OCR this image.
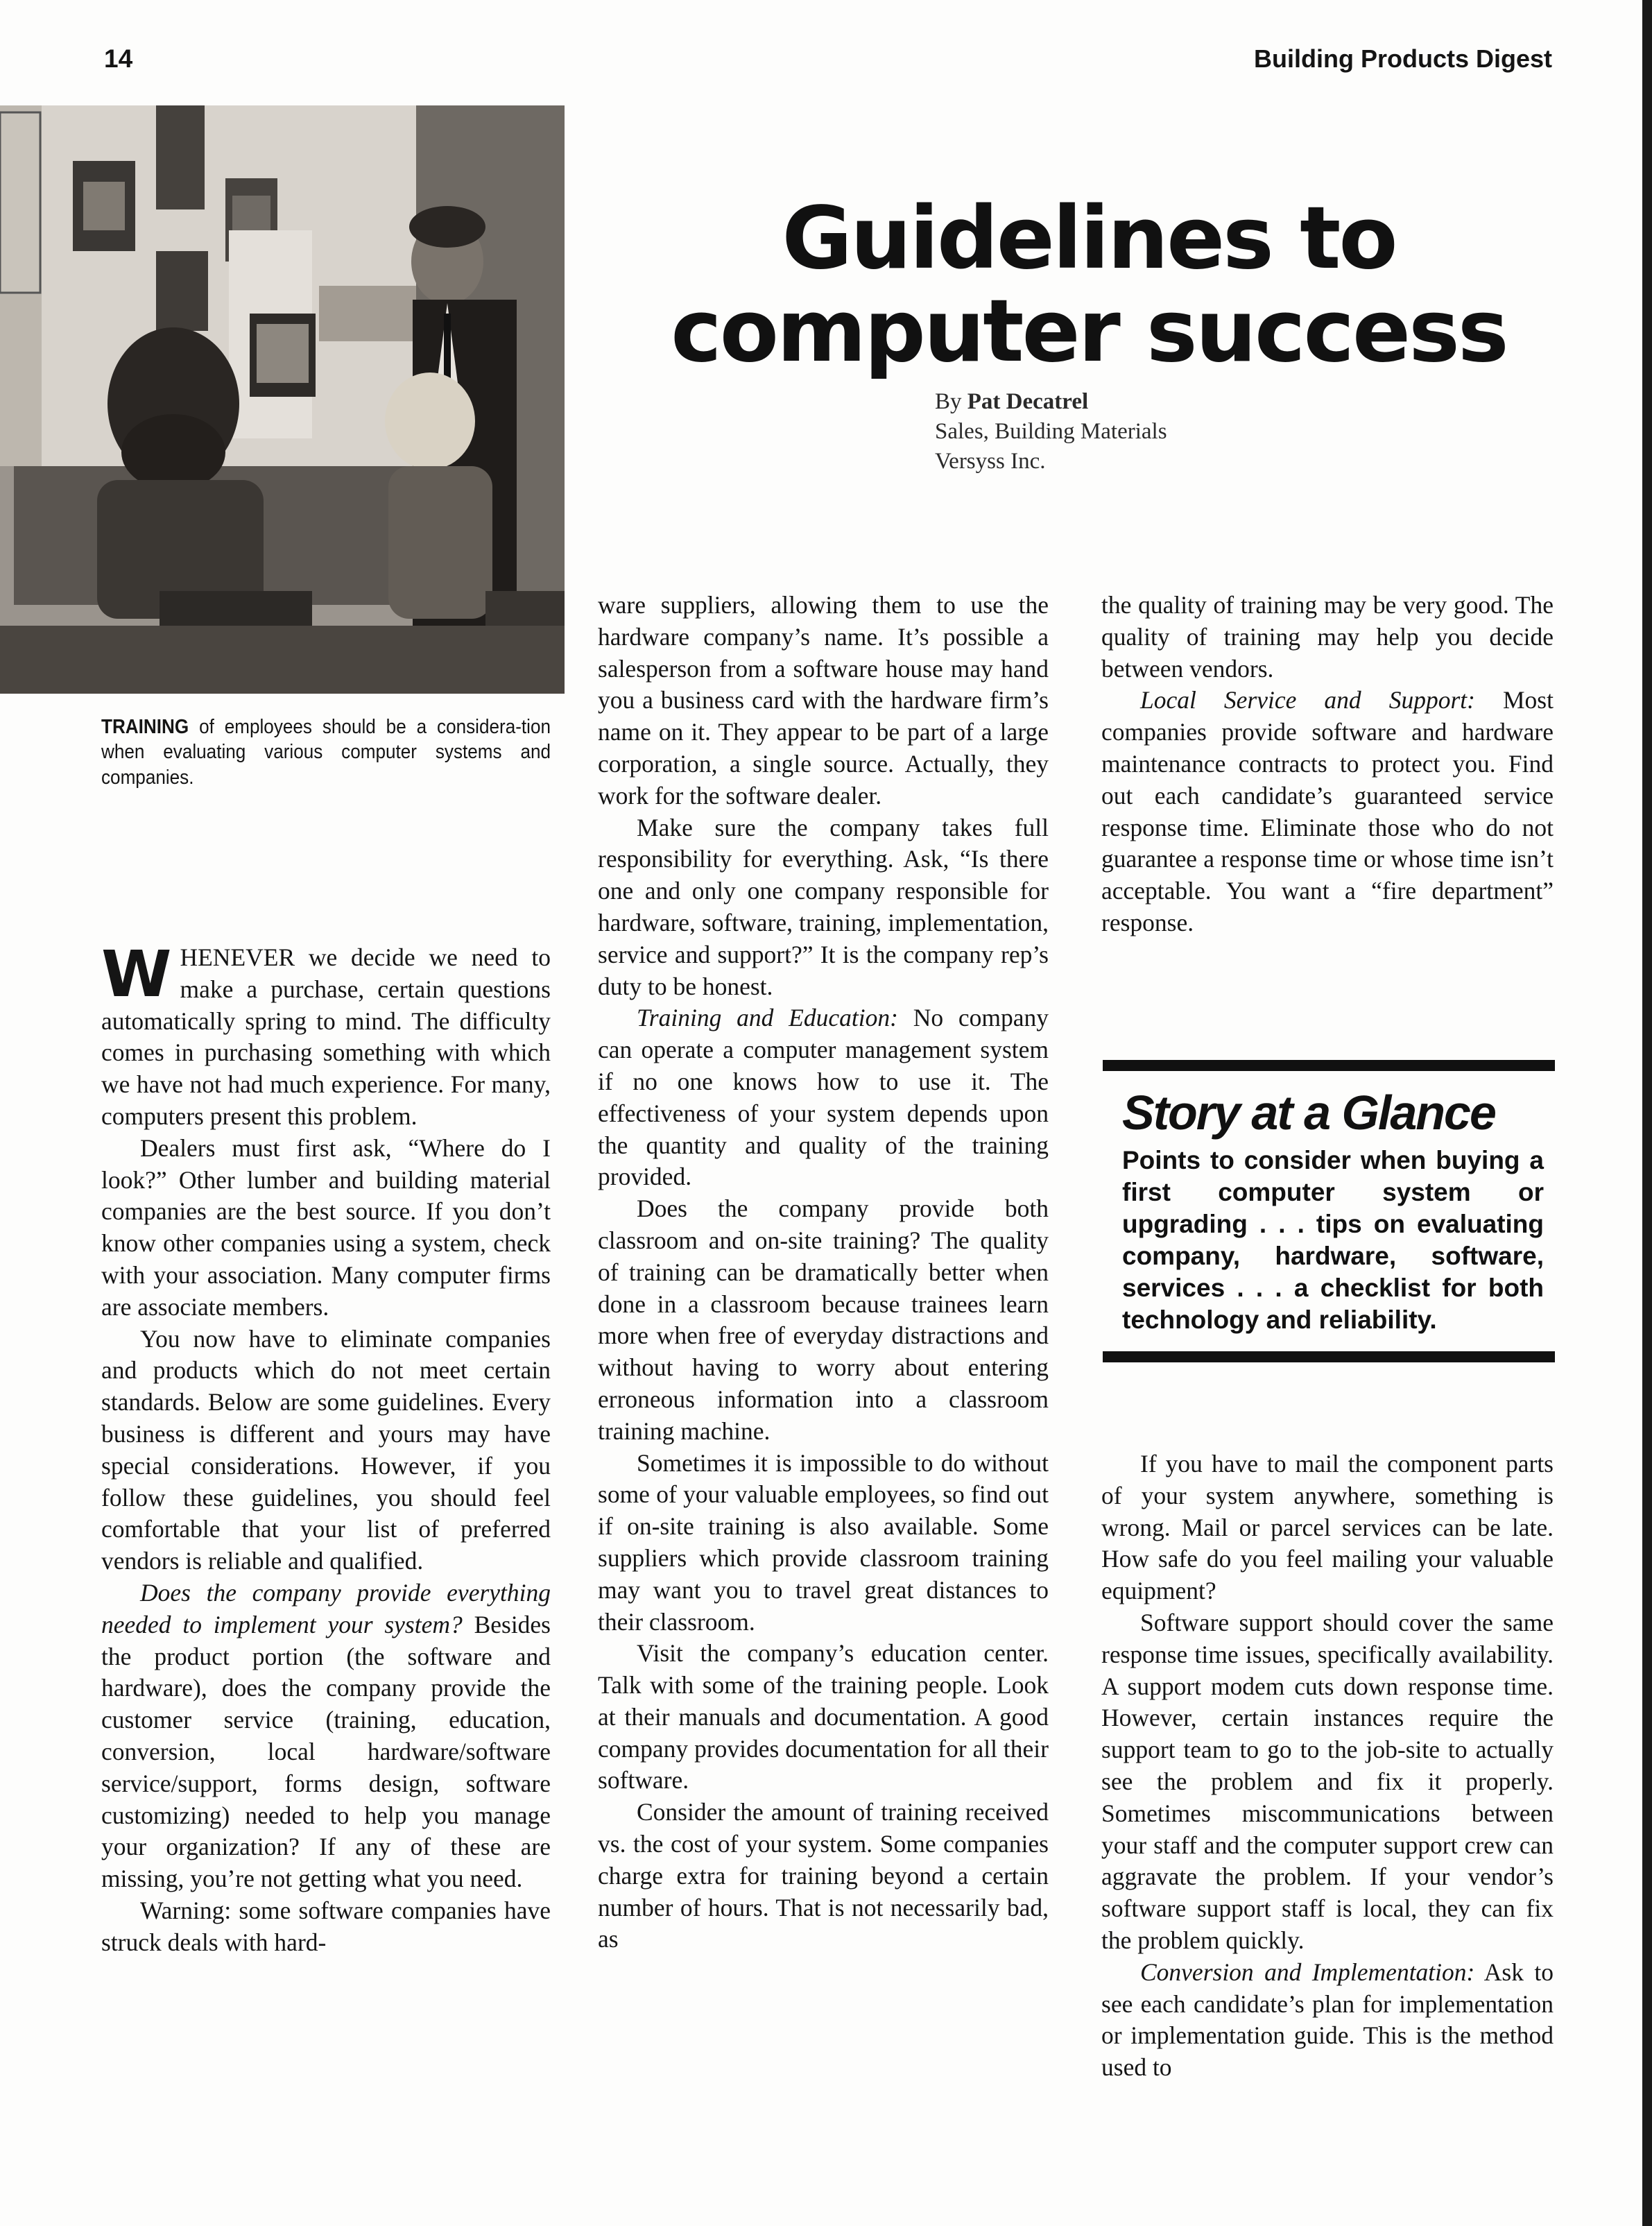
14	Building Products Digest
TRAINING of employees should be a considera-tion when evaluating various computer systems and companies.
Guidelines to
computer success
By Pat Decatrel
Sales, Building Materials
Versyss Inc.

WHENEVER we decide we need to make a purchase, certain questions automatically spring to mind. The difficulty comes in purchasing something with which we have not had much experience. For many, computers present this problem.

Dealers must first ask, “Where do I look?” Other lumber and building material companies are the best source. If you don’t know other companies using a system, check with your association. Many computer firms are associate members.

You now have to eliminate companies and products which do not meet certain standards. Below are some guidelines. Every business is different and yours may have special considerations. However, if you follow these guidelines, you should feel comfortable that your list of preferred vendors is reliable and qualified.

Does the company provide everything needed to implement your system? Besides the product portion (the software and hardware), does the company provide the customer service (training, education, conversion, local hardware/software service/support, forms design, software customizing) needed to help you manage your organization? If any of these are missing, you’re not getting what you need.

Warning: some software companies have struck deals with hard-

ware suppliers, allowing them to use the hardware company’s name. It’s possible a salesperson from a software house may hand you a business card with the hardware firm’s name on it. They appear to be part of a large corporation, a single source. Actually, they work for the software dealer.

Make sure the company takes full responsibility for everything. Ask, “Is there one and only one company responsible for hardware, software, training, implementation, service and support?” It is the company rep’s duty to be honest.

Training and Education: No company can operate a computer management system if no one knows how to use it. The effectiveness of your system depends upon the quantity and quality of the training provided.

Does the company provide both classroom and on-site training? The quality of training can be dramatically better when done in a classroom because trainees learn more when free of everyday distractions and without having to worry about entering erroneous information into a classroom training machine.

Sometimes it is impossible to do without some of your valuable employees, so find out if on-site training is also available. Some suppliers which provide classroom training may want you to travel great distances to their classroom.

Visit the company’s education center. Talk with some of the training people. Look at their manuals and documentation. A good company provides documentation for all their software.

Consider the amount of training received vs. the cost of your system. Some companies charge extra for training beyond a certain number of hours. That is not necessarily bad, as

the quality of training may be very good. The quality of training may help you decide between vendors.

Local Service and Support: Most companies provide software and hardware maintenance contracts to protect you. Find out each candidate’s guaranteed service response time. Eliminate those who do not guarantee a response time or whose time isn’t acceptable. You want a “fire department” response.

Story at a Glance
Points to consider when buying a first computer system or upgrading . . . tips on evaluating company, hardware, software, services . . . a checklist for both technology and reliability.

If you have to mail the component parts of your system anywhere, something is wrong. Mail or parcel services can be late. How safe do you feel mailing your valuable equipment?

Software support should cover the same response time issues, specifically availability. A support modem cuts down response time. However, certain instances require the support team to go to the job-site to actually see the problem and fix it properly. Sometimes miscommunications between your staff and the computer support crew can aggravate the problem. If your vendor’s software support staff is local, they can fix the problem quickly.

Conversion and Implementation: Ask to see each candidate’s plan for implementation or implementation guide. This is the method used to
